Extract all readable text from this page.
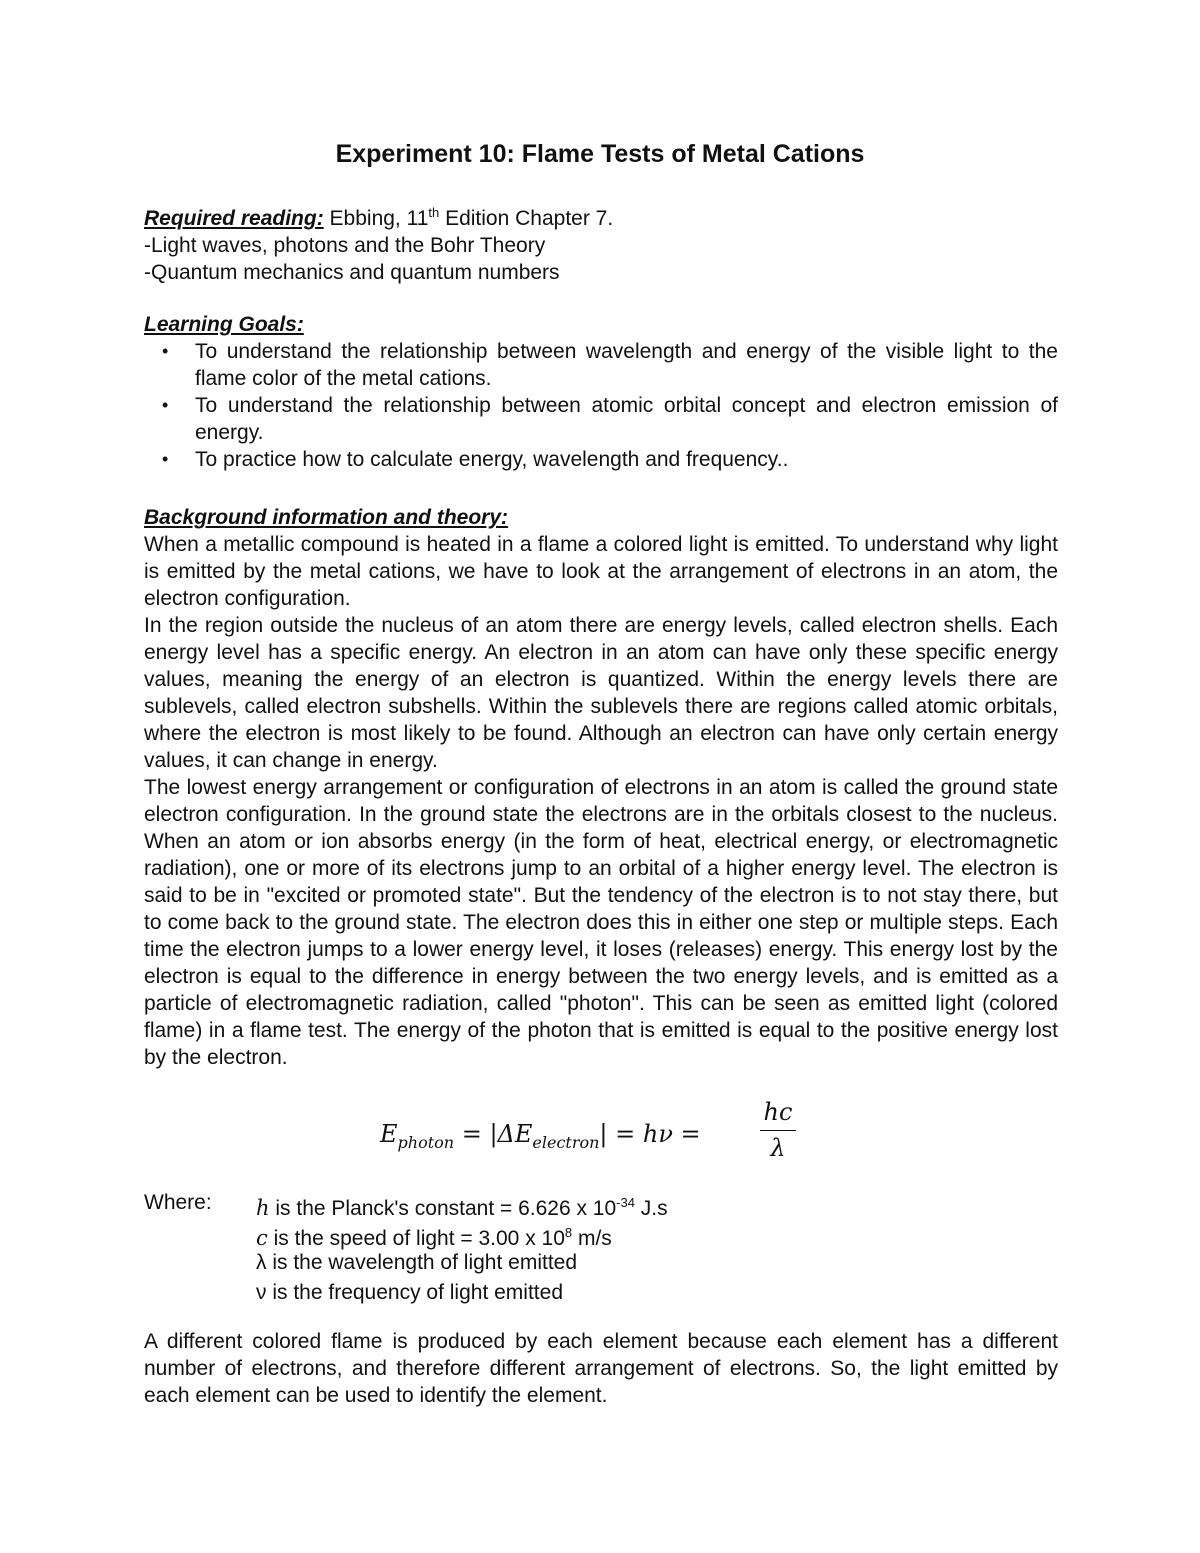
Experiment 10: Flame Tests of Metal Cations
Required reading: Ebbing, 11th Edition Chapter 7.
-Light waves, photons and the Bohr Theory
-Quantum mechanics and quantum numbers
Learning Goals:
• To understand the relationship between wavelength and energy of the visible light to the flame color of the metal cations.
• To understand the relationship between atomic orbital concept and electron emission of energy.
• To practice how to calculate energy, wavelength and frequency..
Background information and theory:

When a metallic compound is heated in a flame a colored light is emitted. To understand why light is emitted by the metal cations, we have to look at the arrangement of electrons in an atom, the electron configuration.

In the region outside the nucleus of an atom there are energy levels, called electron shells. Each energy level has a specific energy. An electron in an atom can have only these specific energy values, meaning the energy of an electron is quantized. Within the energy levels there are sublevels, called electron subshells. Within the sublevels there are regions called atomic orbitals, where the electron is most likely to be found. Although an electron can have only certain energy values, it can change in energy.

The lowest energy arrangement or configuration of electrons in an atom is called the ground state electron configuration. In the ground state the electrons are in the orbitals closest to the nucleus. When an atom or ion absorbs energy (in the form of heat, electrical energy, or electromagnetic radiation), one or more of its electrons jump to an orbital of a higher energy level. The electron is said to be in "excited or promoted state". But the tendency of the electron is to not stay there, but to come back to the ground state. The electron does this in either one step or multiple steps. Each time the electron jumps to a lower energy level, it loses (releases) energy. This energy lost by the electron is equal to the difference in energy between the two energy levels, and is emitted as a particle of electromagnetic radiation, called "photon". This can be seen as emitted light (colored flame) in a flame test. The energy of the photon that is emitted is equal to the positive energy lost by the electron.

$E_{photon} = |\Delta E_{electron}| = h\nu$ =
hc
λ
Where: h is the Planck's constant = 6.626 x $10^{-34}$ J.s
c is the speed of light = 3.00 x $10^8$ m/s
λ is the wavelength of light emitted
ν is the frequency of light emitted

A different colored flame is produced by each element because each element has a different number of electrons, and therefore different arrangement of electrons. So, the light emitted by each element can be used to identify the element.
